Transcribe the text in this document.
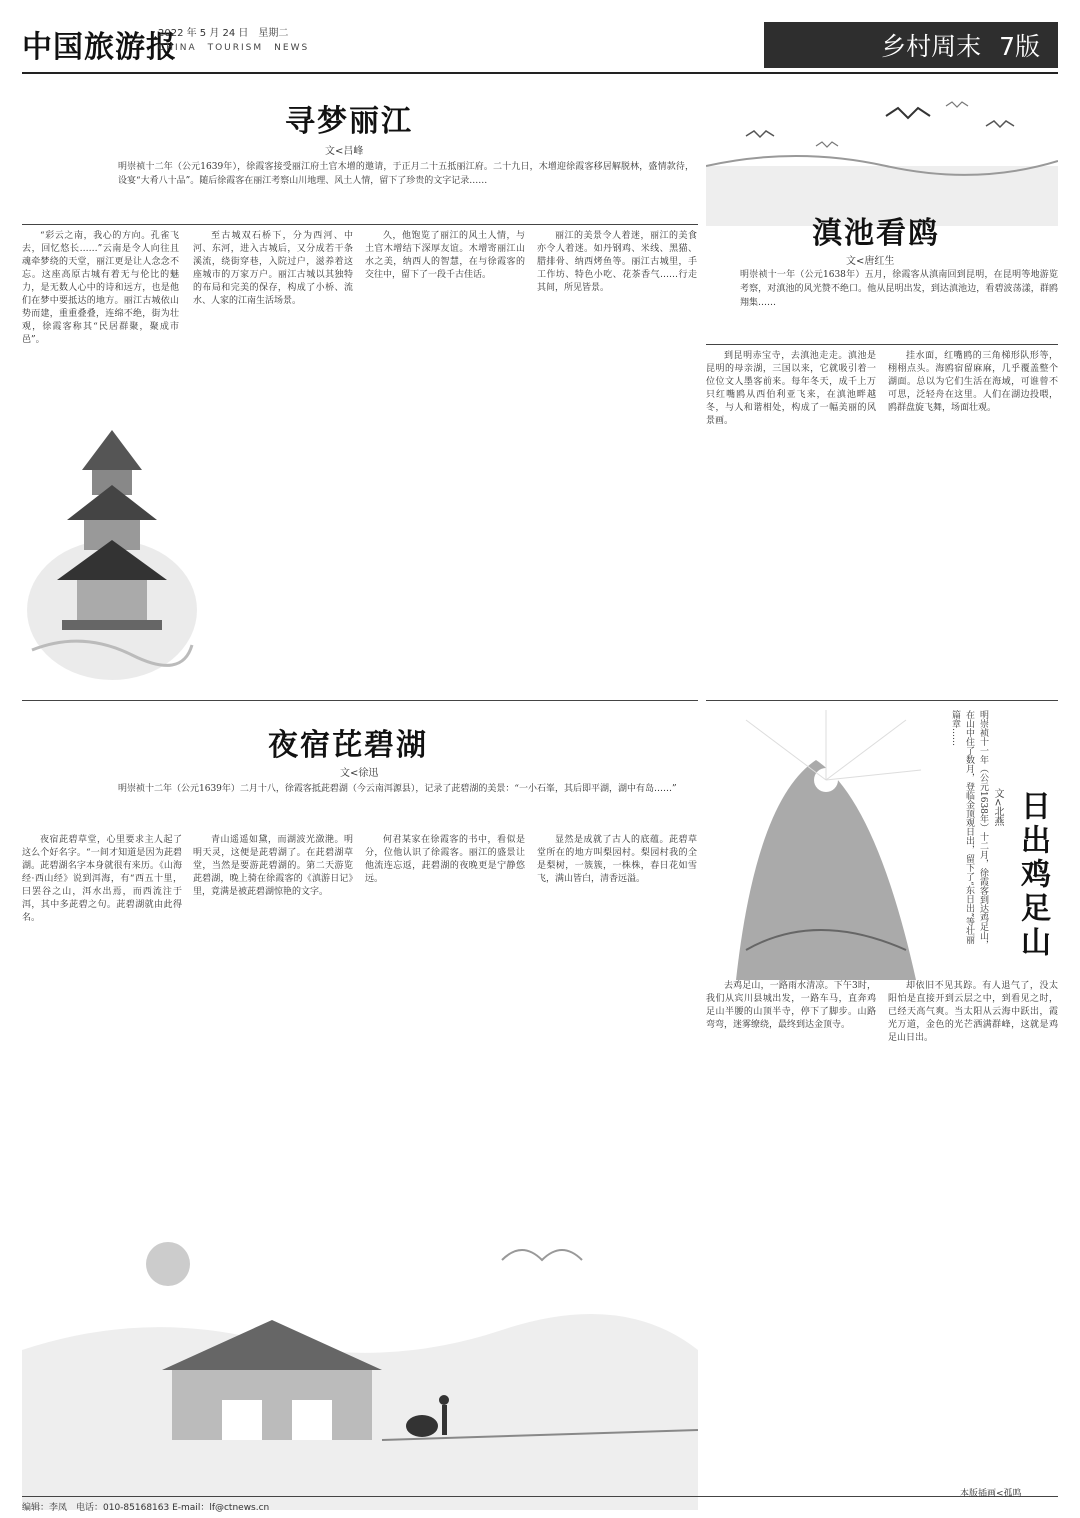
中国旅游报
2022 年 5 月 24 日　星期二
CHINA　TOURISM　NEWS	乡村周末 7版
寻梦丽江
文<吕峰
明崇祯十二年（公元1639年），徐霞客接受丽江府土官木增的邀请，于正月二十五抵丽江府。二十九日，木增迎徐霞客移居解脱林，盛情款待，设宴“大肴八十品”。随后徐霞客在丽江考察山川地理、风土人情，留下了珍贵的文字记录……

“彩云之南，我心的方向。孔雀飞去，回忆悠长……”云南是令人向往且魂牵梦绕的天堂，丽江更是让人念念不忘。这座高原古城有着无与伦比的魅力，是无数人心中的诗和远方，也是他们在梦中要抵达的地方。丽江古城依山势而建，重重叠叠，连绵不绝，街为壮观，徐霞客称其“民居群聚，聚成市邑”。

至古城双石桥下，分为西河、中河、东河，进入古城后，又分成若干条溪流，绕街穿巷，入院过户，滋养着这座城市的万家万户。丽江古城以其独特的布局和完美的保存，构成了小桥、流水、人家的江南生活场景。

久，他饱览了丽江的风土人情，与土官木增结下深厚友谊。木增寄丽江山水之美，纳西人的智慧，在与徐霞客的交往中，留下了一段千古佳话。

丽江的美景令人着迷，丽江的美食亦令人着迷。如丹钢鸡、米线、黑猫、腊排骨、纳西烤鱼等。丽江古城里，手工作坊、特色小吃、花茶香气……行走其间，所见皆景。

滇池看鸥
文<唐红生
明崇祯十一年（公元1638年）五月，徐霞客从滇南回到昆明，在昆明等地游览考察，对滇池的风光赞不绝口。他从昆明出发，到达滇池边，看碧波荡漾，群鸥翔集……

到昆明赤宝寺，去滇池走走。滇池是昆明的母亲湖，三国以来，它就吸引着一位位文人墨客前来。每年冬天，成千上万只红嘴鸥从西伯利亚飞来，在滇池畔越冬，与人和谐相处，构成了一幅美丽的风景画。

挂水面，红嘴鸥的三角梯形队形等，栩栩点头。海鸥宿留麻麻，几乎覆盖整个湖面。总以为它们生活在海域，可谁曾不可思，泛轻舟在这里。人们在湖边投喂，鸥群盘旋飞舞，场面壮观。

夜宿芘碧湖
文<徐迅
明崇祯十二年（公元1639年）二月十八，徐霞客抵茈碧湖（今云南洱源县），记录了茈碧湖的美景：“一小石峯，其后即平湖，湖中有岛……”

夜宿茈碧草堂，心里要求主人起了这么个好名字。“一间才知道是因为茈碧湖。茈碧湖名字本身就很有来历。《山海经·西山经》说到洱海，有“西五十里，曰罢谷之山，洱水出焉，而西流注于洱，其中多茈碧之句。茈碧湖就由此得名。

青山遥遥如黛，而湖波光潋滟。明明天灵，这便是茈碧湖了。在茈碧湖草堂，当然是要游茈碧湖的。第二天游览茈碧湖，晚上骑在徐霞客的《滇游日记》里，竟满是被茈碧湖惊艳的文字。

何君某家在徐霞客的书中，看似是分，位他认识了徐霞客。丽江的盛景让他流连忘返，茈碧湖的夜晚更是宁静悠远。

显然是成就了古人的底蕴。茈碧草堂所在的地方叫梨园村。梨园村我的全是梨树，一簇簇，一株株，春日花如雪飞，满山皆白，清香远溢。	明崇祯十一年（公元1638年）十二月，徐霞客到达鸡足山，在山中住了数月，登临金顶观日出，留下了“东日出”等壮丽篇章……
文<北燕 日出鸡足山

去鸡足山，一路雨水清凉。下午3时，我们从宾川县城出发，一路车马，直奔鸡足山半腰的山顶半寺，停下了脚步。山路弯弯，迷雾缭绕，最终到达金顶寺。

却依旧不见其踪。有人退气了，没太阳怕是直接开到云层之中，到看见之时，已经天高气爽。当太阳从云海中跃出，霞光万道，金色的光芒洒满群峰，这就是鸡足山日出。

编辑：李凤　电话：010-85168163 E-mail：lf@ctnews.cn
本版插画<孤鸣
